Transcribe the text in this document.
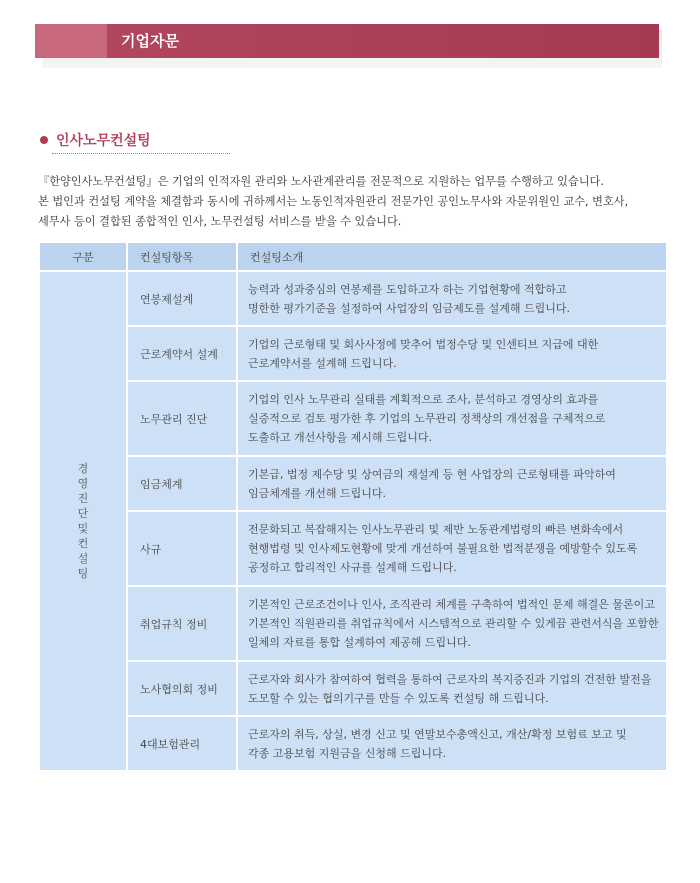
기업자문
인사노무컨설팅

『한양인사노무컨설팅』은 기업의 인적자원 관리와 노사관계관리를 전문적으로 지원하는 업무를 수행하고 있습니다.

본 법인과 컨설팅 계약을 체결함과 동시에 귀하께서는 노동인적자원관리 전문가인 공인노무사와 자문위원인 교수, 변호사,

세무사 등이 결합된 종합적인 인사, 노무컨설팅 서비스를 받을 수 있습니다.

구분	컨설팅항목	컨설팅소개
경영진단및컨설팅	연봉제설계	능력과 성과중심의 연봉제를 도입하고자 하는 기업현황에 적합하고
명한한 평가기준을 설정하여 사업장의 임금제도를 설계해 드립니다.

	근로계약서 설계	기업의 근로형태 및 회사사정에 맞추어 법정수당 및 인센티브 지급에 대한
근로계약서를 설계해 드립니다.

	노무관리 진단	기업의 인사 노무관리 실태를 계획적으로 조사, 분석하고 경영상의 효과를
실증적으로 검토 평가한 후 기업의 노무관리 정책상의 개선점을 구체적으로
도출하고 개선사항을 제시해 드립니다.

	임금체계	기본급, 법정 제수당 및 상여금의 재설계 등 현 사업장의 근로형태를 파악하여
임금체계를 개선해 드립니다.

	사규	전문화되고 복잡해지는 인사노무관리 및 제반 노동관계법령의 빠른 변화속에서
현행법령 및 인사제도현황에 맞게 개선하여 불필요한 법적분쟁을 예방할수 있도록
공정하고 합리적인 사규를 설계해 드립니다.

	취업규칙 정비	기본적인 근로조건이나 인사, 조직관리 체계를 구축하여 법적인 문제 해결은 물론이고
기본적인 직원관리를 취업규칙에서 시스템적으로 관리할 수 있게끔 관련서식을 포함한
일체의 자료를 통합 설계하여 제공해 드립니다.

	노사협의회 정비	근로자와 회사가 참여하여 협력을 통하여 근로자의 복지증진과 기업의 건전한 발전을
도모할 수 있는 협의기구를 만들 수 있도록 컨설팅 해 드립니다.

	4대보험관리	근로자의 취득, 상실, 변경 신고 및 연말보수총액신고, 개산/확정 보험료 보고 및
각종 고용보험 지원금을 신청해 드립니다.
